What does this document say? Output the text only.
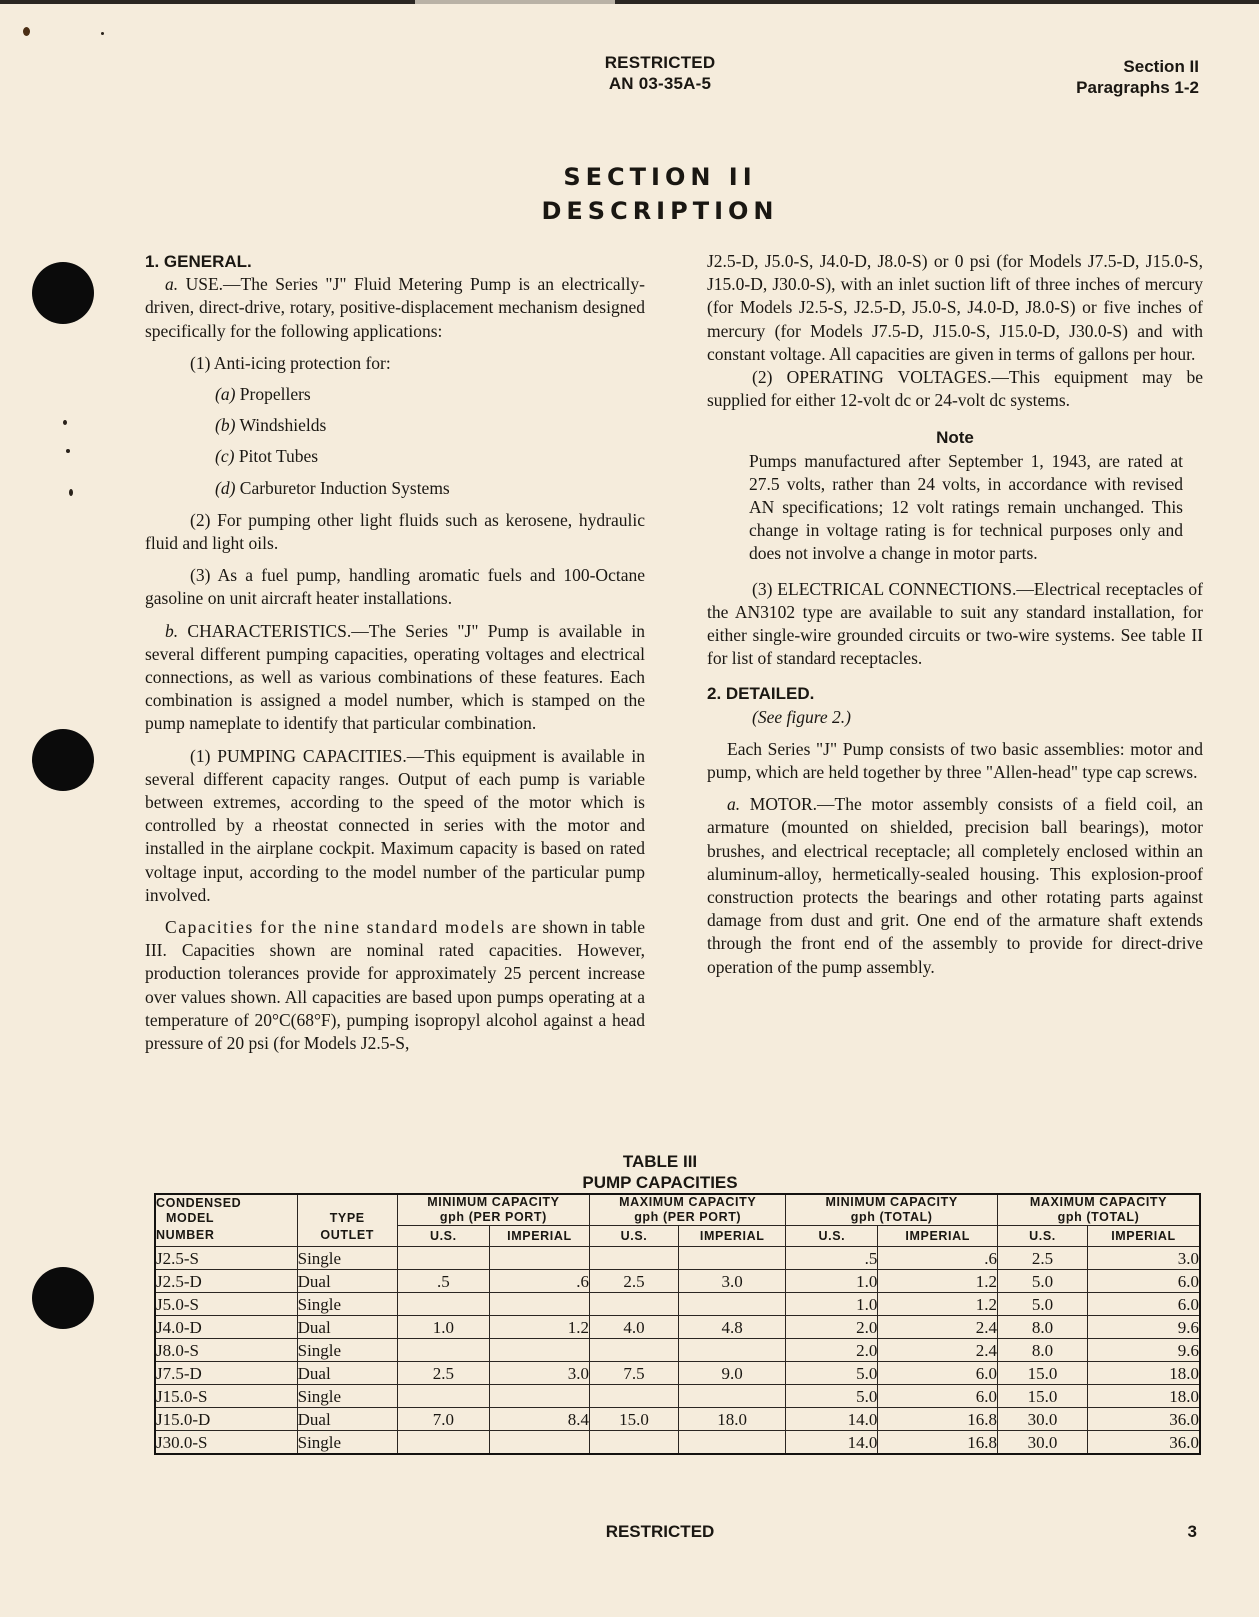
RESTRICTED
AN 03-35A-5
Section II
Paragraphs 1-2
SECTION II
DESCRIPTION

1. GENERAL.

a. USE.—The Series "J" Fluid Metering Pump is an electrically-driven, direct-drive, rotary, positive-displacement mechanism designed specifically for the following applications:

(1) Anti-icing protection for:

(a) Propellers

(b) Windshields

(c) Pitot Tubes

(d) Carburetor Induction Systems

(2) For pumping other light fluids such as kerosene, hydraulic fluid and light oils.

(3) As a fuel pump, handling aromatic fuels and 100-Octane gasoline on unit aircraft heater installations.

b. CHARACTERISTICS.—The Series "J" Pump is available in several different pumping capacities, operating voltages and electrical connections, as well as various combinations of these features. Each combination is assigned a model number, which is stamped on the pump nameplate to identify that particular combination.

(1) PUMPING CAPACITIES.—This equipment is available in several different capacity ranges. Output of each pump is variable between extremes, according to the speed of the motor which is controlled by a rheostat connected in series with the motor and installed in the airplane cockpit. Maximum capacity is based on rated voltage input, according to the model number of the particular pump involved.

Capacities for the nine standard models are shown in table III. Capacities shown are nominal rated capacities. However, production tolerances provide for approximately 25 percent increase over values shown. All capacities are based upon pumps operating at a temperature of 20°C(68°F), pumping isopropyl alcohol against a head pressure of 20 psi (for Models J2.5-S,

J2.5-D, J5.0-S, J4.0-D, J8.0-S) or 0 psi (for Models J7.5-D, J15.0-S, J15.0-D, J30.0-S), with an inlet suction lift of three inches of mercury (for Models J2.5-S, J2.5-D, J5.0-S, J4.0-D, J8.0-S) or five inches of mercury (for Models J7.5-D, J15.0-S, J15.0-D, J30.0-S) and with constant voltage. All capacities are given in terms of gallons per hour.

(2) OPERATING VOLTAGES.—This equipment may be supplied for either 12-volt dc or 24-volt dc systems.

Note

Pumps manufactured after September 1, 1943, are rated at 27.5 volts, rather than 24 volts, in accordance with revised AN specifications; 12 volt ratings remain unchanged. This change in voltage rating is for technical purposes only and does not involve a change in motor parts.

(3) ELECTRICAL CONNECTIONS.—Electrical receptacles of the AN3102 type are available to suit any standard installation, for either single-wire grounded circuits or two-wire systems. See table II for list of standard receptacles.

2. DETAILED.

(See figure 2.)

Each Series "J" Pump consists of two basic assemblies: motor and pump, which are held together by three "Allen-head" type cap screws.

a. MOTOR.—The motor assembly consists of a field coil, an armature (mounted on shielded, precision ball bearings), motor brushes, and electrical receptacle; all completely enclosed within an aluminum-alloy, hermetically-sealed housing. This explosion-proof construction protects the bearings and other rotating parts against damage from dust and grit. One end of the armature shaft extends through the front end of the assembly to provide for direct-drive operation of the pump assembly.

TABLE III
PUMP CAPACITIES
CONDENSED
MODEL	TYPE

MINIMUM CAPACITY
gph (PER PORT)

MAXIMUM CAPACITY
gph (PER PORT)

MINIMUM CAPACITY
gph (TOTAL)

MAXIMUM CAPACITY
gph (TOTAL)

NUMBER	OUTLET	U.S.	IMPERIAL	U.S.	IMPERIAL	U.S.	IMPERIAL	U.S.	IMPERIAL
J2.5-S	Single					.5	.6	2.5	3.0
J2.5-D	Dual	.5	.6	2.5	3.0	1.0	1.2	5.0	6.0
J5.0-S	Single					1.0	1.2	5.0	6.0
J4.0-D	Dual	1.0	1.2	4.0	4.8	2.0	2.4	8.0	9.6
J8.0-S	Single					2.0	2.4	8.0	9.6
J7.5-D	Dual	2.5	3.0	7.5	9.0	5.0	6.0	15.0	18.0
J15.0-S	Single					5.0	6.0	15.0	18.0
J15.0-D	Dual	7.0	8.4	15.0	18.0	14.0	16.8	30.0	36.0
J30.0-S	Single					14.0	16.8	30.0	36.0
RESTRICTED	3
